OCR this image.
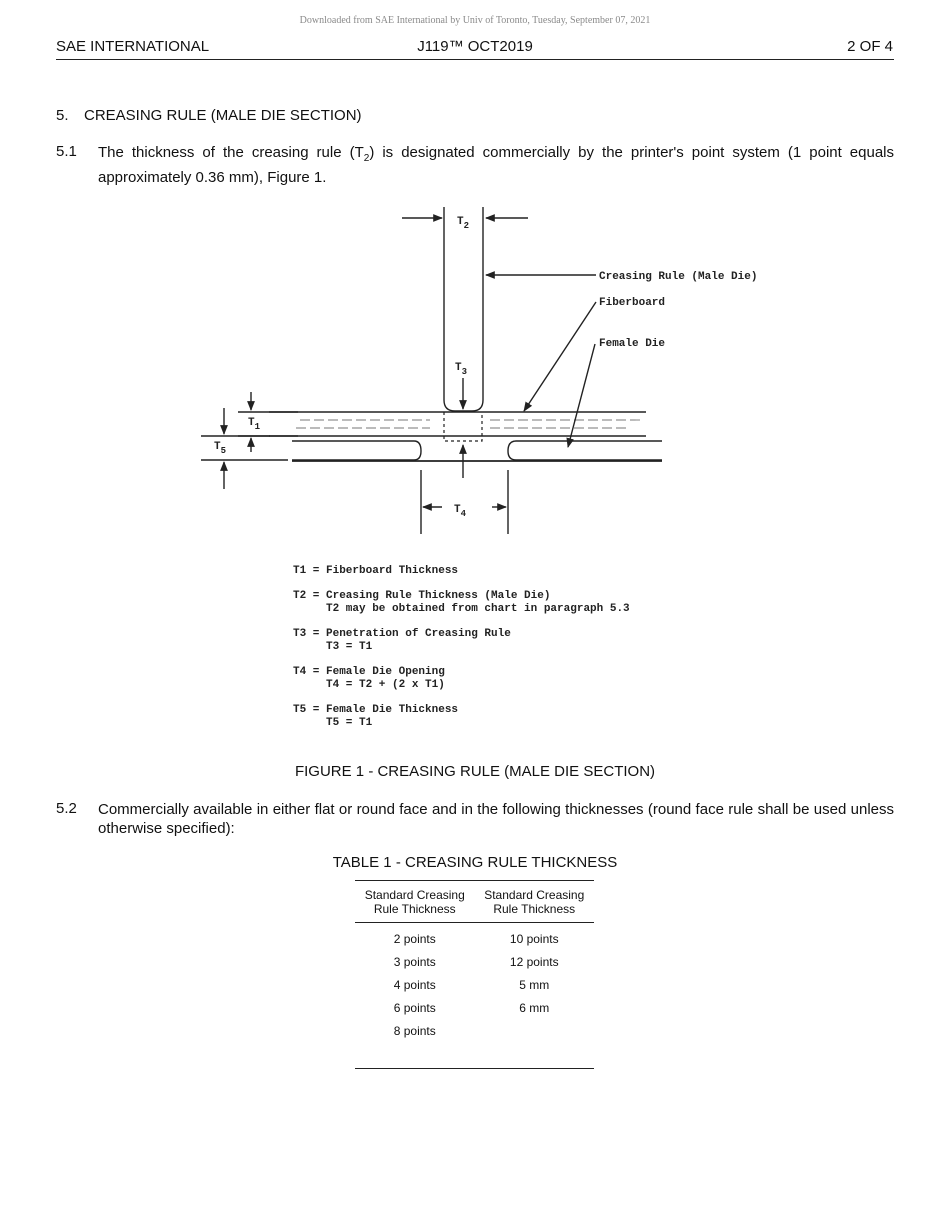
Downloaded from SAE International by Univ of Toronto, Tuesday, September 07, 2021
SAE INTERNATIONAL	J119™ OCT2019	2 OF 4
5. CREASING RULE (MALE DIE SECTION)
5.1 The thickness of the creasing rule $(T_2)$ is designated commercially by the printer's point system (1 point equals approximately 0.36 mm), Figure 1.
$T_2$
$T_3$
$T_1$
$T_5$
$T_4$
Creasing Rule (Male Die)
Fiberboard
Female Die
T1 = Fiberboard Thickness
T2 = Creasing Rule Thickness (Male Die)
T2 may be obtained from chart in paragraph 5.3
T3 = Penetration of Creasing Rule
T3 = T1
T4 = Female Die Opening
T4 = T2 + (2 x T1)
T5 = Female Die Thickness
T5 = T1
FIGURE 1 - CREASING RULE (MALE DIE SECTION)
5.2 Commercially available in either flat or round face and in the following thicknesses (round face rule shall be used unless otherwise specified):
TABLE 1 - CREASING RULE THICKNESS
Standard Creasing Rule Thickness	Standard Creasing Rule Thickness
2 points	10 points
3 points	12 points
4 points	5 mm
6 points	6 mm
8 points	
